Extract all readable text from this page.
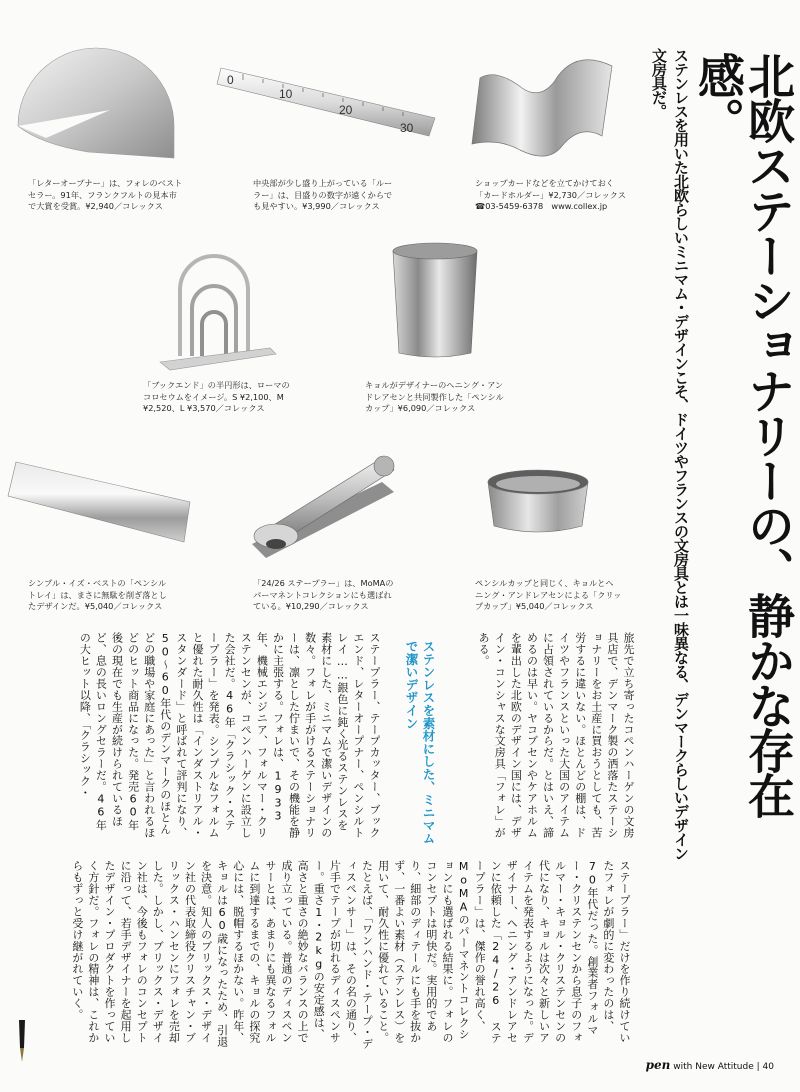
北欧ステーショナリーの、静かな存在感。
ステンレスを用いた北欧らしいミニマム・デザインこそ、ドイツやフランスの文房具とは一味異なる、デンマークらしいデザイン文房具だ。
0
10
20
30
「レターオープナー」は、フォレのベスト
セラー。91年、フランクフルトの見本市
で大賞を受賞。¥2,940／コレックス
中央部が少し盛り上がっている「ルー
ラー」は、目盛りの数字が遠くからで
も見やすい。¥3,990／コレックス
ショップカードなどを立てかけておく
「カードホルダー」¥2,730／コレックス
☎03-5459-6378　www.collex.jp
「ブックエンド」の半円形は、ローマの
コロセウムをイメージ。S ¥2,100、M
¥2,520、L ¥3,570／コレックス
キョルがデザイナーのヘニング・アン
ドレアセンと共同製作した「ペンシル
カップ」¥6,090／コレックス
シンプル・イズ・ベストの「ペンシル
トレイ」は、まさに無駄を削ぎ落とし
たデザインだ。¥5,040／コレックス
「24/26 ステープラー」は、MoMAの
パーマネントコレクションにも選ばれ
ている。¥10,290／コレックス
ペンシルカップと同じく、キョルとヘ
ニング・アンドレアセンによる「クリッ
プカップ」¥5,040／コレックス
旅先で立ち寄ったコペンハーゲンの文房具店で、デンマーク製の洒落たステーショナリーをお土産に買おうとしても、苦労するに違いない。ほとんどの棚は、ドイツやフランスといった大国のアイテムに占領されているからだ。とはいえ、諦めるのは早い。ヤコブセンやケアホルムを輩出した北欧のデザイン国には、デザイン・コンシャスな文房具「フォレ」がある。
ステンレスを素材にした、ミニマムで潔いデザイン
ステープラー、テープカッター、ブックエンド、レターオープナー、ペンシルトレイ……銀色に鈍く光るステンレスを素材にした、ミニマムで潔いデザインの数々。フォレが手がけるステーショナリーは、凛とした佇まいで、その機能を静かに主張する。フォレは、1933年、機械エンジニア、フォルマー・クリステンセンが、コペンハーゲンに設立した会社だ。46年「クラシック・ステープラー」を発表。シンプルなフォルムと優れた耐久性は「インダストリアル・スタンダード」と呼ばれて評判になり、50〜60年代のデンマークのほとんどの職場や家庭にあった」と言われるほどのヒット商品になった。発売60年後の現在でも生産が続けられているほど、息の長いロングセラーだ。46年の大ヒット以降、「クラシック・
ステープラー」だけを作り続けていたフォレが劇的に変わったのは、70年代だった。創業者フォルマー・クリステンセンから息子のフォルマー・キョル・クリステンセンの代になり、キョルは次々と新しいアイテムを発表するようになった。デザイナー、ヘニング・アンドレアセンに依頼した「24/26 ステープラー」は、傑作の誉れ高く、MoMAのパーマネントコレクションにも選ばれる結果に。フォレのコンセプトは明快だ。実用的であり、細部のディテールにも手を抜かず、一番よい素材（ステンレス）を用いて、耐久性に優れていること。たとえば、「ワンハンド・テープ・ディスペンサー」は、その名の通り、片手でテープが切れるディスペンサー。重さ1・2kgの安定感は、高さと重さの絶妙なバランスの上で成り立っている。普通のディスペンサーとは、あまりにも異なるフォルムに到達するまでの、キョルの探究心には、脱帽するほかない。昨年、キョルは60歳になったため、引退を決意。知人のブリックス・デザイン社の代表取締役クリスチャン・ブリックス・ハンセンにフォレを売却した。しかし、ブリックス・デザイン社は、今後もフォレのコンセプトに沿って、若手デザイナーを起用したデザイン・プロダクトを作っていく方針だ。フォレの精神は、これからもずっと受け継がれていく。
pen with New Attitude | 40
